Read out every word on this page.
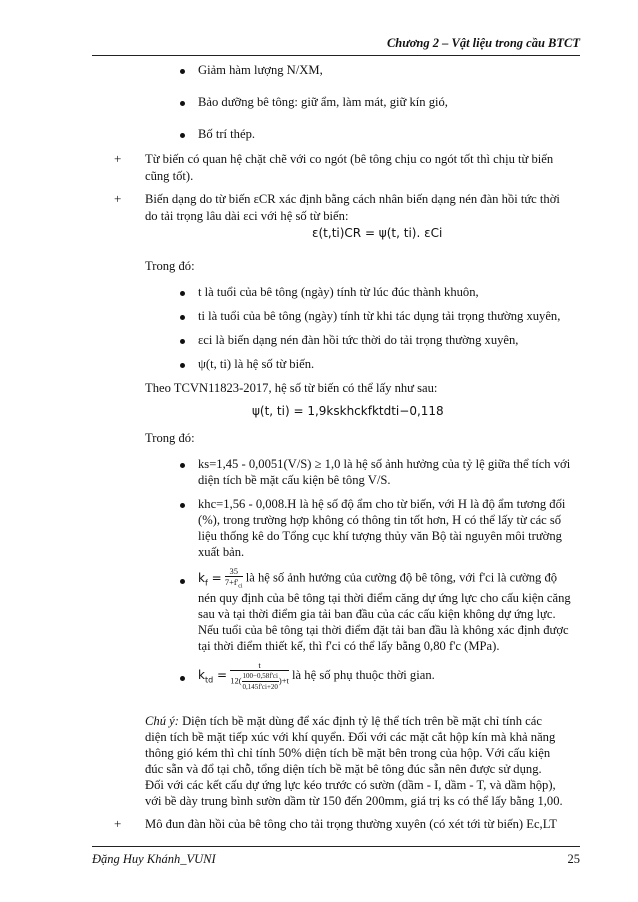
Chương 2 – Vật liệu trong cầu BTCT
Giảm hàm lượng N/XM,
Bảo dưỡng bê tông: giữ ẩm, làm mát, giữ kín gió,
Bố trí thép.
+ Từ biến có quan hệ chặt chẽ với co ngót (bê tông chịu co ngót tốt thì chịu từ biến
cũng tốt).
+ Biến dạng do từ biến εCR xác định bằng cách nhân biến dạng nén đàn hồi tức thời
do tải trọng lâu dài εci với hệ số từ biến:
ε(t,ti)CR = ψ(t, ti). εCi
Trong đó:
t là tuổi của bê tông (ngày) tính từ lúc đúc thành khuôn,
ti là tuổi của bê tông (ngày) tính từ khi tác dụng tải trọng thường xuyên,
εci là biến dạng nén đàn hồi tức thời do tải trọng thường xuyên,
ψ(t, ti) là hệ số từ biến.
Theo TCVN11823-2017, hệ số từ biến có thể lấy như sau:
ψ(t, ti) = 1,9kskhckfktdti−0,118
Trong đó:
ks=1,45 - 0,0051(V/S) ≥ 1,0 là hệ số ảnh hưởng của tỷ lệ giữa thể tích với
diện tích bề mặt cấu kiện bê tông V/S.
khc=1,56 - 0,008.H là hệ số độ ẩm cho từ biến, với H là độ ẩm tương đối
(%), trong trường hợp không có thông tin tốt hơn, H có thể lấy từ các số
liệu thống kê do Tổng cục khí tượng thủy văn Bộ tài nguyên môi trường
xuất bản.
$k_f = \frac{35}{7+f'_{ci}}$ là hệ số ảnh hưởng của cường độ bê tông, với f'ci là cường độ
nén quy định của bê tông tại thời điểm căng dự ứng lực cho cấu kiện căng
sau và tại thời điểm gia tải ban đầu của các cấu kiện không dự ứng lực.
Nếu tuổi của bê tông tại thời điểm đặt tải ban đầu là không xác định được
tại thời điểm thiết kế, thì f'ci có thể lấy bằng 0,80 f'c (MPa).
$k_{td} = \frac{t}{12( \frac{100-0,58f'ci}{0,145f'ci+20} )+t}$ là hệ số phụ thuộc thời gian.
Chú ý: Diện tích bề mặt dùng để xác định tỷ lệ thể tích trên bề mặt chỉ tính các
diện tích bề mặt tiếp xúc với khí quyển. Đối với các mặt cắt hộp kín mà khả năng
thông gió kém thì chỉ tính 50% diện tích bề mặt bên trong của hộp. Với cấu kiện
đúc sẵn và đổ tại chỗ, tổng diện tích bề mặt bê tông đúc sẵn nên được sử dụng.
Đối với các kết cấu dự ứng lực kéo trước có sườn (dầm - I, dầm - T, và dầm hộp),
với bề dày trung bình sườn dầm từ 150 đến 200mm, giá trị ks có thể lấy bằng 1,00.
+ Mô đun đàn hồi của bê tông cho tải trọng thường xuyên (có xét tới từ biến) Ec,LT
Đặng Huy Khánh_VUNI	25
